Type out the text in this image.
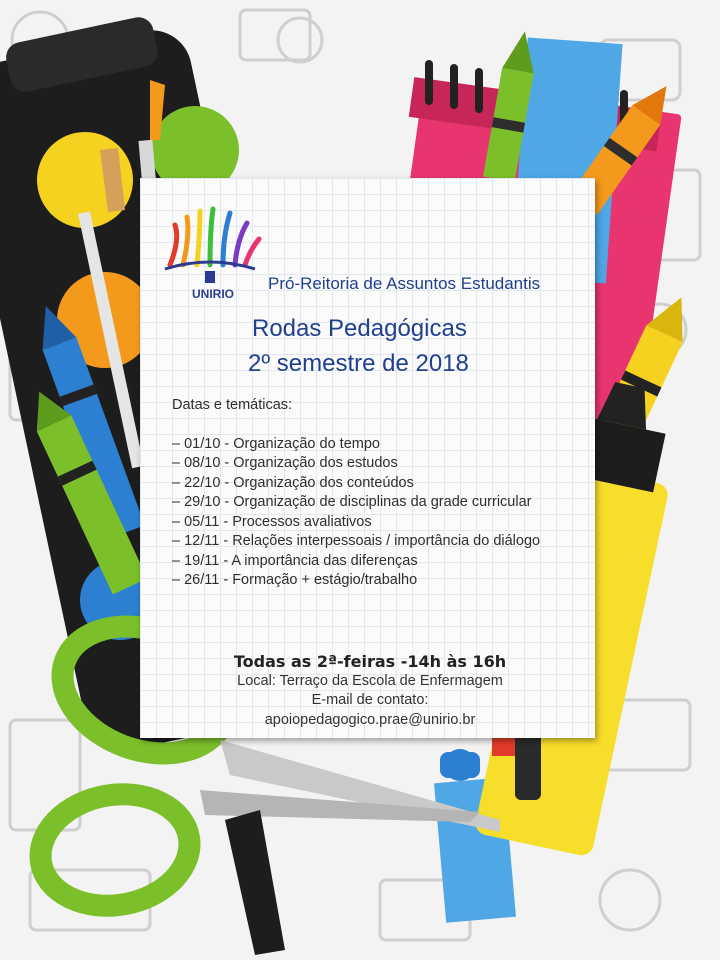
UNIRIO
Pró-Reitoria de Assuntos Estudantis
Rodas Pedagógicas
2º semestre de 2018
Datas e temáticas:
– 01/10 - Organização do tempo
– 08/10 - Organização dos estudos
– 22/10 - Organização dos conteúdos
– 29/10 - Organização de disciplinas da grade curricular
– 05/11 - Processos avaliativos
– 12/11 - Relações interpessoais / importância do diálogo
– 19/11 - A importância das diferenças
– 26/11 - Formação + estágio/trabalho
Todas as 2ª-feiras -14h às 16h
Local: Terraço da Escola de Enfermagem
E-mail de contato:
apoiopedagogico.prae@unirio.br
